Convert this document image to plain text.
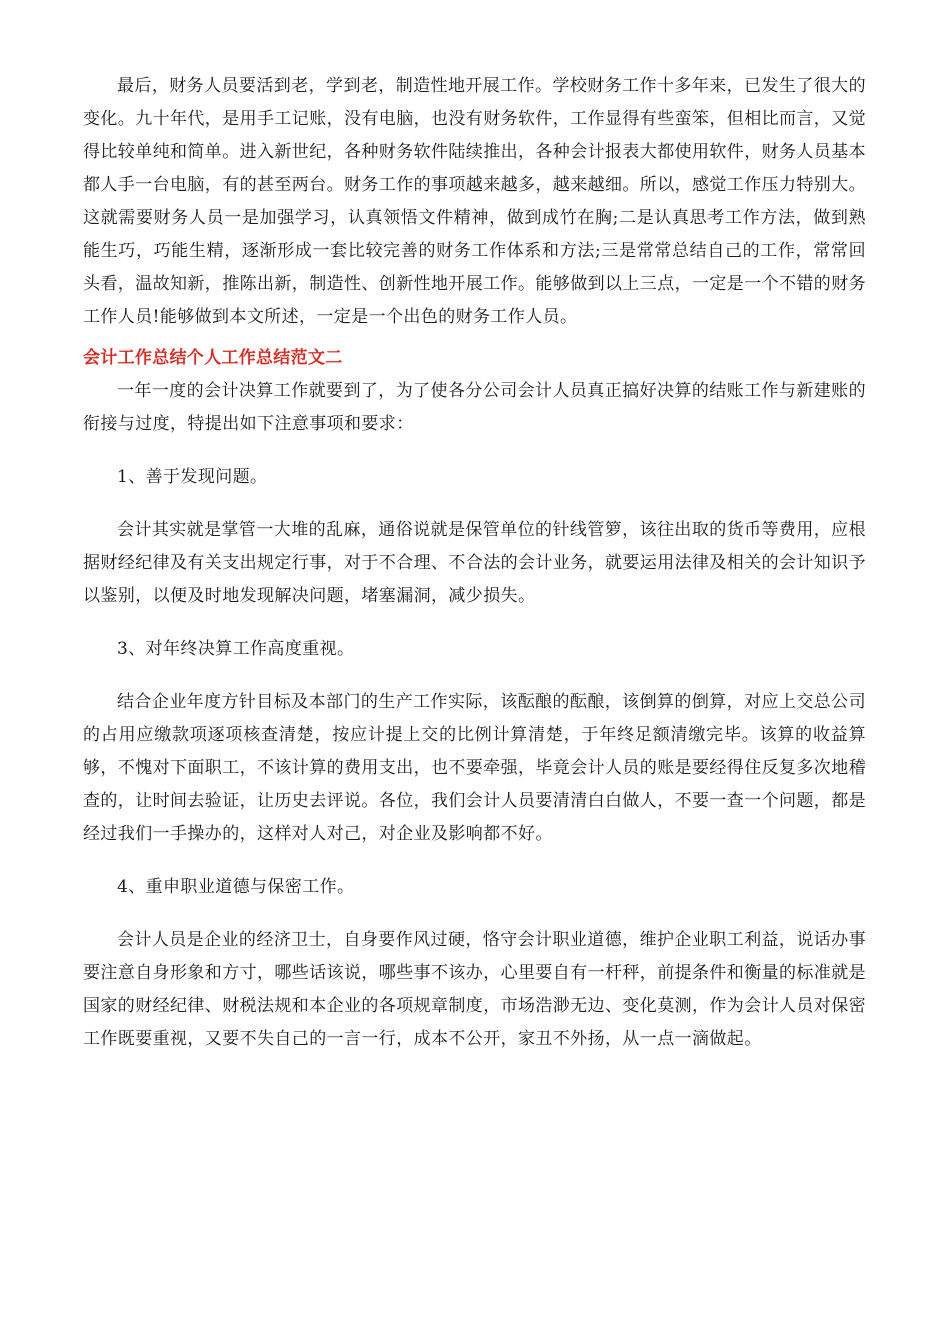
最后，财务人员要活到老，学到老，制造性地开展工作。学校财务工作十多年来，已发生了很大的变化。九十年代，是用手工记账，没有电脑，也没有财务软件，工作显得有些蛮笨，但相比而言，又觉得比较单纯和简单。进入新世纪，各种财务软件陆续推出，各种会计报表大都使用软件，财务人员基本都人手一台电脑，有的甚至两台。财务工作的事项越来越多，越来越细。所以，感觉工作压力特别大。这就需要财务人员一是加强学习，认真领悟文件精神，做到成竹在胸;二是认真思考工作方法，做到熟能生巧，巧能生精，逐渐形成一套比较完善的财务工作体系和方法;三是常常总结自己的工作，常常回头看，温故知新，推陈出新，制造性、创新性地开展工作。能够做到以上三点，一定是一个不错的财务工作人员!能够做到本文所述，一定是一个出色的财务工作人员。

会计工作总结个人工作总结范文二

一年一度的会计决算工作就要到了，为了使各分公司会计人员真正搞好决算的结账工作与新建账的衔接与过度，特提出如下注意事项和要求：

1、善于发现问题。

会计其实就是掌管一大堆的乱麻，通俗说就是保管单位的针线管箩，该往出取的货币等费用，应根据财经纪律及有关支出规定行事，对于不合理、不合法的会计业务，就要运用法律及相关的会计知识予以鉴别，以便及时地发现解决问题，堵塞漏洞，减少损失。

3、对年终决算工作高度重视。

结合企业年度方针目标及本部门的生产工作实际，该酝酿的酝酿，该倒算的倒算，对应上交总公司的占用应缴款项逐项核查清楚，按应计提上交的比例计算清楚，于年终足额清缴完毕。该算的收益算够，不愧对下面职工，不该计算的费用支出，也不要牵强，毕竟会计人员的账是要经得住反复多次地稽查的，让时间去验证，让历史去评说。各位，我们会计人员要清清白白做人，不要一查一个问题，都是经过我们一手操办的，这样对人对己，对企业及影响都不好。

4、重申职业道德与保密工作。

会计人员是企业的经济卫士，自身要作风过硬，恪守会计职业道德，维护企业职工利益，说话办事要注意自身形象和方寸，哪些话该说，哪些事不该办，心里要自有一杆秤，前提条件和衡量的标准就是国家的财经纪律、财税法规和本企业的各项规章制度，市场浩渺无边、变化莫测，作为会计人员对保密工作既要重视，又要不失自己的一言一行，成本不公开，家丑不外扬，从一点一滴做起。
